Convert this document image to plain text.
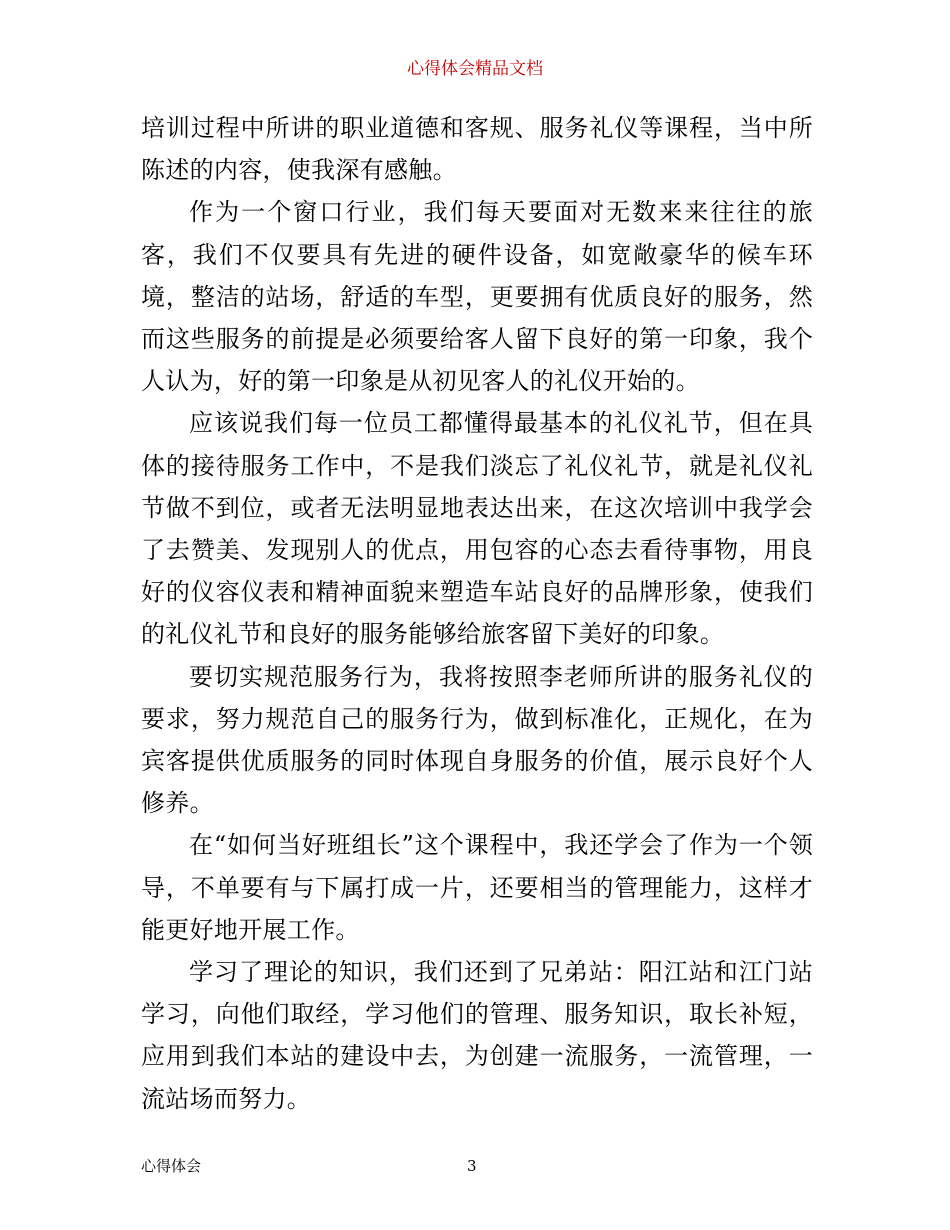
心得体会精品文档

培训过程中所讲的职业道德和客规、服务礼仪等课程，当中所陈述的内容，使我深有感触。

作为一个窗口行业，我们每天要面对无数来来往往的旅客，我们不仅要具有先进的硬件设备，如宽敞豪华的候车环境，整洁的站场，舒适的车型，更要拥有优质良好的服务，然而这些服务的前提是必须要给客人留下良好的第一印象，我个人认为，好的第一印象是从初见客人的礼仪开始的。

应该说我们每一位员工都懂得最基本的礼仪礼节，但在具体的接待服务工作中，不是我们淡忘了礼仪礼节，就是礼仪礼节做不到位，或者无法明显地表达出来，在这次培训中我学会了去赞美、发现别人的优点，用包容的心态去看待事物，用良好的仪容仪表和精神面貌来塑造车站良好的品牌形象，使我们的礼仪礼节和良好的服务能够给旅客留下美好的印象。

要切实规范服务行为，我将按照李老师所讲的服务礼仪的要求，努力规范自己的服务行为，做到标准化，正规化，在为宾客提供优质服务的同时体现自身服务的价值，展示良好个人修养。

在“如何当好班组长”这个课程中，我还学会了作为一个领导，不单要有与下属打成一片，还要相当的管理能力，这样才能更好地开展工作。

学习了理论的知识，我们还到了兄弟站：阳江站和江门站学习，向他们取经，学习他们的管理、服务知识，取长补短，应用到我们本站的建设中去，为创建一流服务，一流管理，一流站场而努力。

心得体会	3
